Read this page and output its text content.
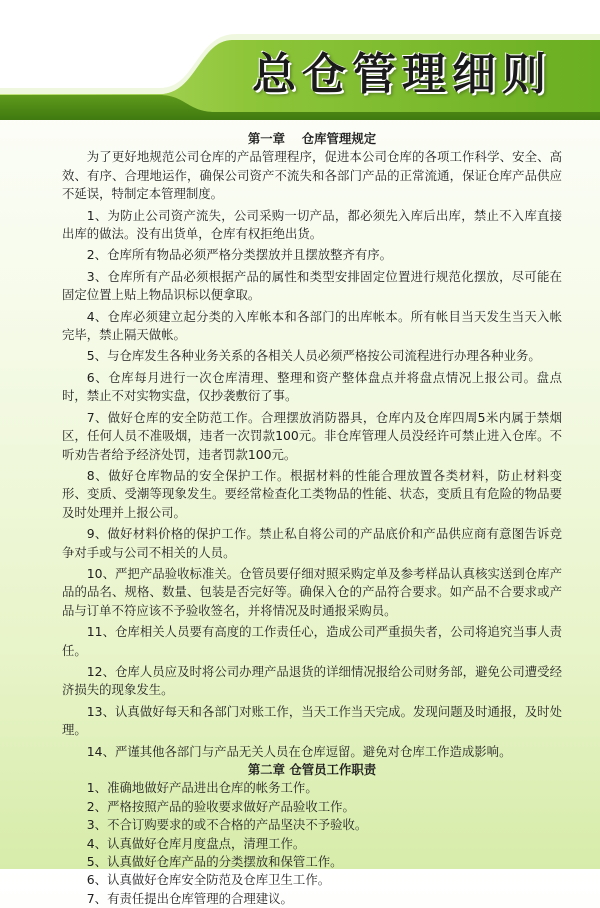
总仓管理细则

第一章　 仓库管理规定

为了更好地规范公司仓库的产品管理程序，促进本公司仓库的各项工作科学、安全、高效、有序、合理地运作，确保公司资产不流失和各部门产品的正常流通，保证仓库产品供应不延误，特制定本管理制度。

1、为防止公司资产流失，公司采购一切产品，都必须先入库后出库，禁止不入库直接出库的做法。没有出货单，仓库有权拒绝出货。

2、仓库所有物品必须严格分类摆放并且摆放整齐有序。

3、仓库所有产品必须根据产品的属性和类型安排固定位置进行规范化摆放，尽可能在固定位置上贴上物品识标以便拿取。

4、仓库必须建立起分类的入库帐本和各部门的出库帐本。所有帐目当天发生当天入帐完毕，禁止隔天做帐。

5、与仓库发生各种业务关系的各相关人员必须严格按公司流程进行办理各种业务。

6、仓库每月进行一次仓库清理、整理和资产整体盘点并将盘点情况上报公司。盘点时，禁止不对实物实盘，仅抄袭敷衍了事。

7、做好仓库的安全防范工作。合理摆放消防器具，仓库内及仓库四周5米内属于禁烟区，任何人员不准吸烟，违者一次罚款100元。非仓库管理人员没经许可禁止进入仓库。不听劝告者给予经济处罚，违者罚款100元。

8、做好仓库物品的安全保护工作。根据材料的性能合理放置各类材料，防止材料变形、变质、受潮等现象发生。要经常检查化工类物品的性能、状态，变质且有危险的物品要及时处理并上报公司。

9、做好材料价格的保护工作。禁止私自将公司的产品底价和产品供应商有意图告诉竞争对手或与公司不相关的人员。

10、严把产品验收标准关。仓管员要仔细对照采购定单及参考样品认真核实送到仓库产品的品名、规格、数量、包装是否完好等。确保入仓的产品符合要求。如产品不合要求或产品与订单不符应该不予验收签名，并将情况及时通报采购员。

11、仓库相关人员要有高度的工作责任心，造成公司严重损失者，公司将追究当事人责任。

12、仓库人员应及时将公司办理产品退货的详细情况报给公司财务部，避免公司遭受经济损失的现象发生。

13、认真做好每天和各部门对账工作，当天工作当天完成。发现问题及时通报，及时处理。

14、严谨其他各部门与产品无关人员在仓库逗留。避免对仓库工作造成影响。

第二章 仓管员工作职责

1、准确地做好产品进出仓库的帐务工作。

2、严格按照产品的验收要求做好产品验收工作。

3、不合订购要求的或不合格的产品坚决不予验收。

4、认真做好仓库月度盘点，清理工作。

5、认真做好仓库产品的分类摆放和保管工作。

6、认真做好仓库安全防范及仓库卫生工作。

7、有责任提出仓库管理的合理建议。
